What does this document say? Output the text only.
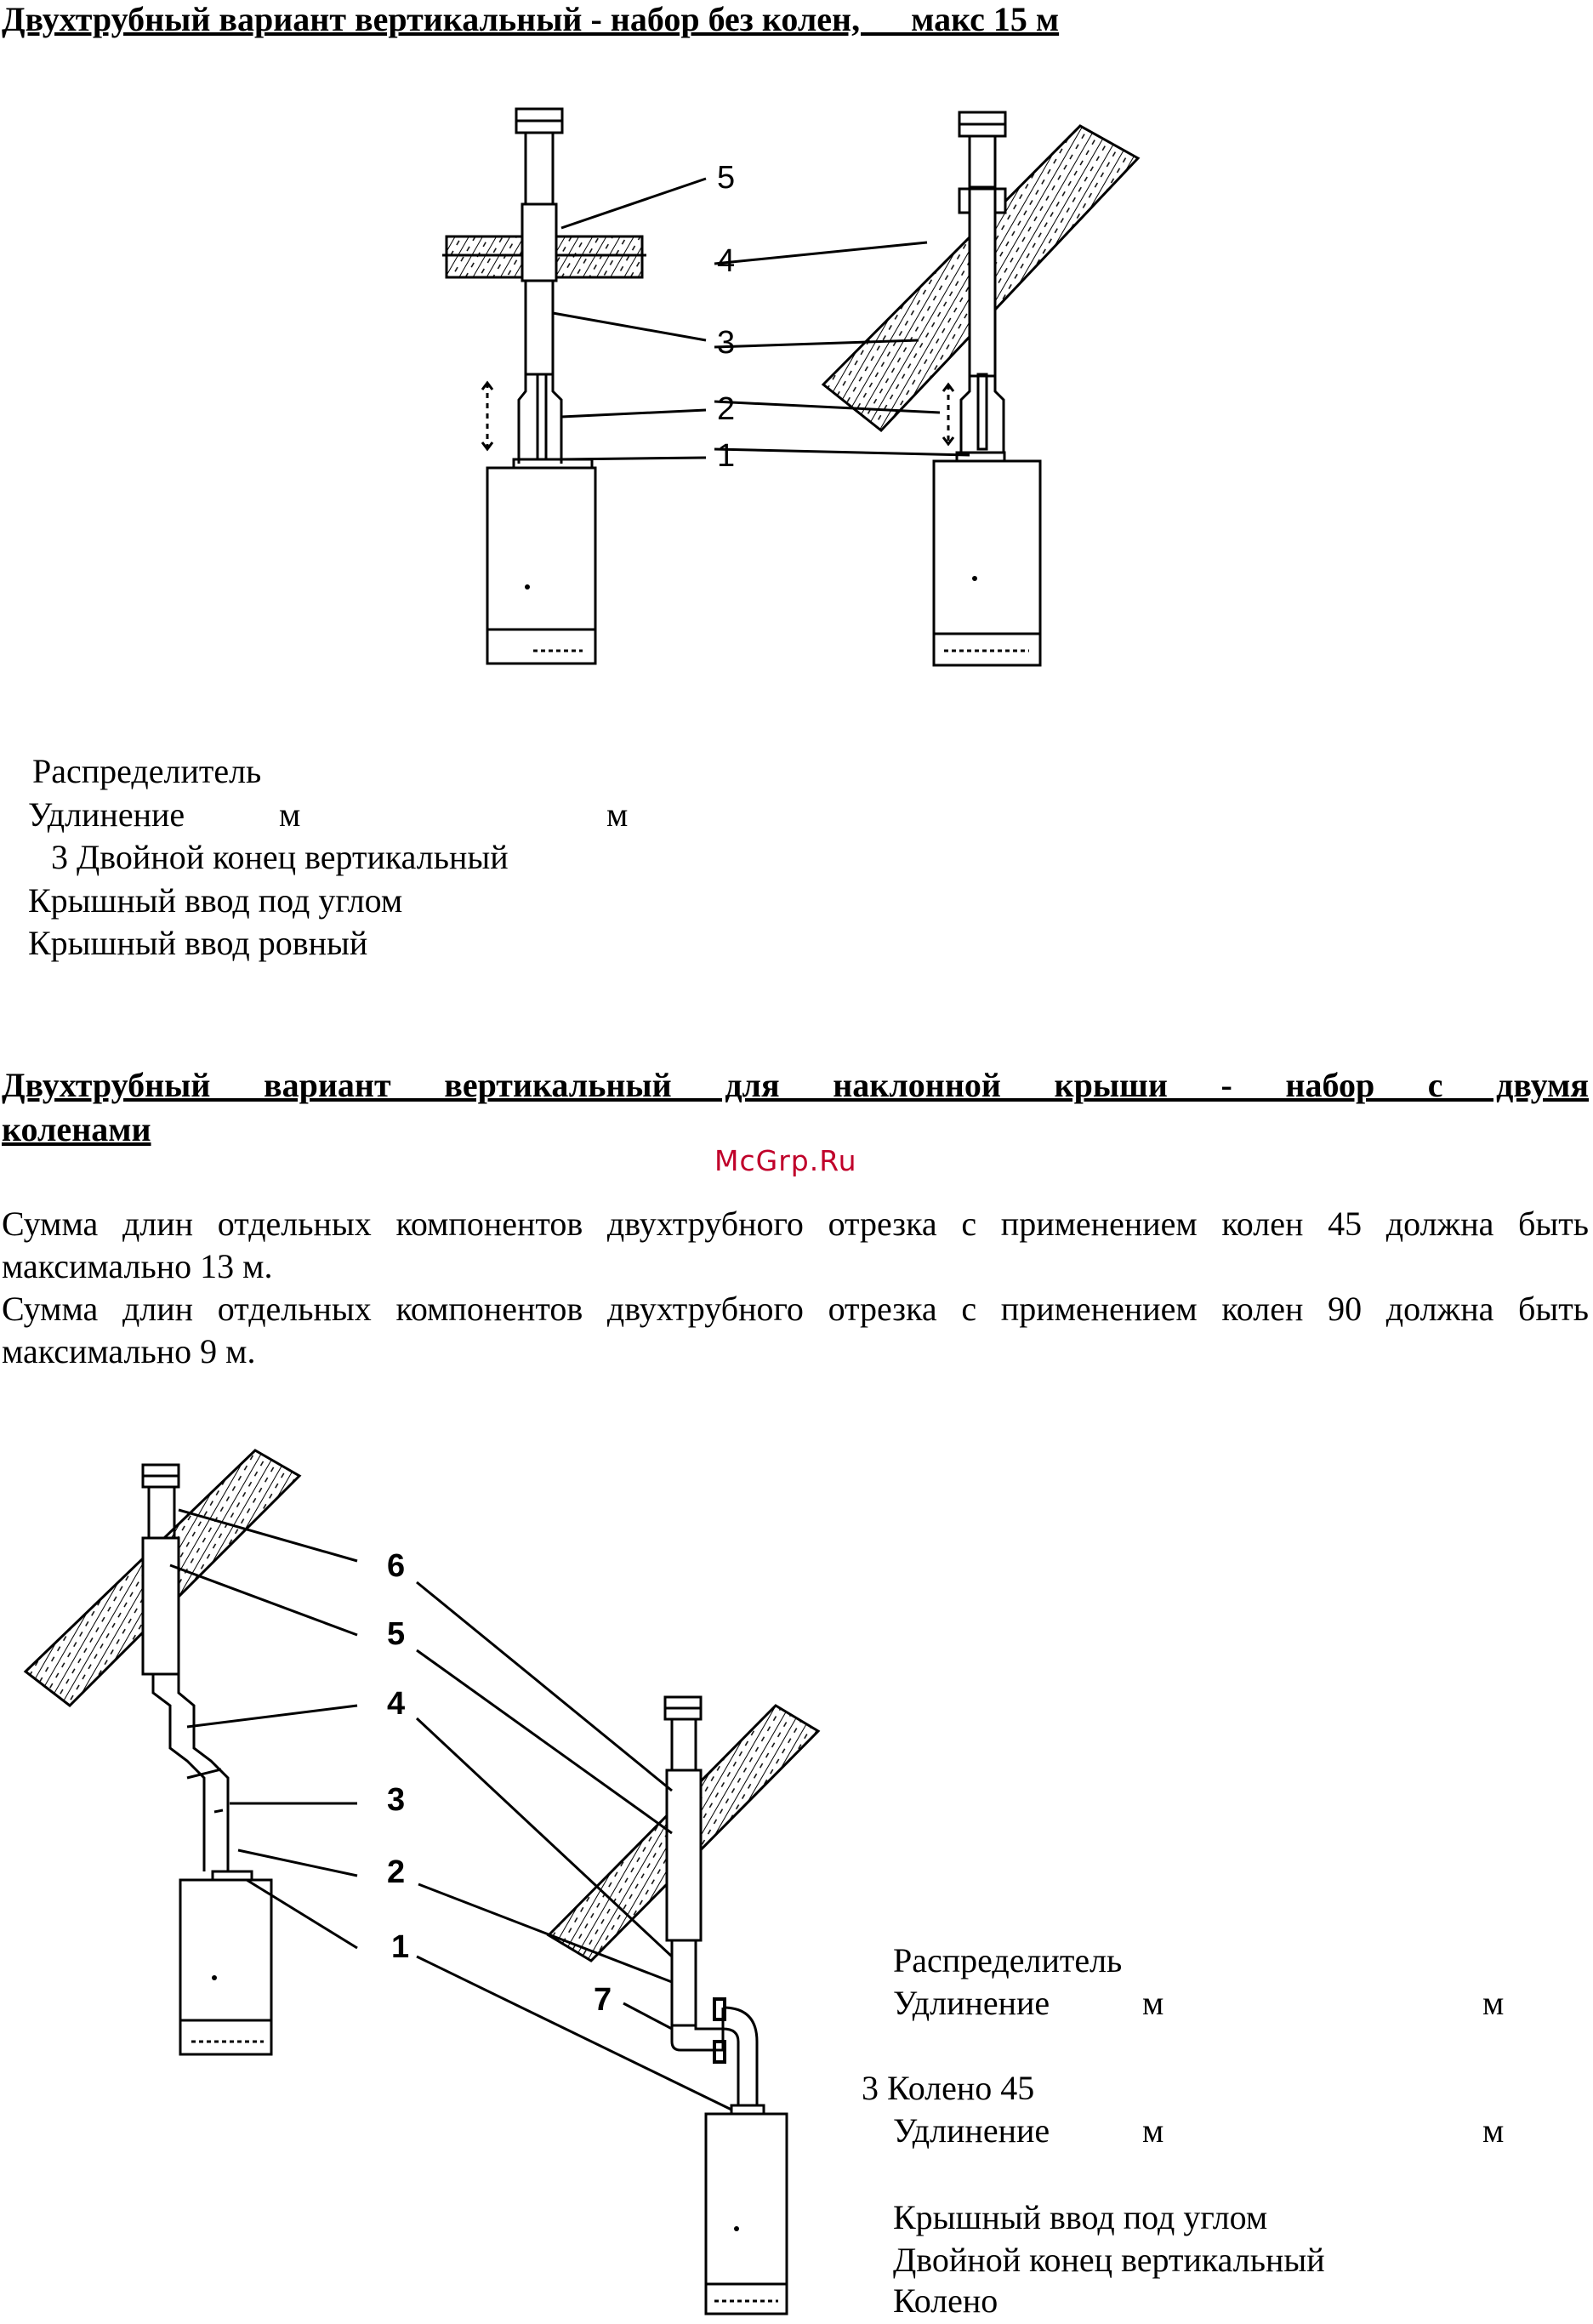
Двухтрубный вариант вертикальный - набор без колен,      макс 15 м
5
4
3
2
1
Распределитель
Удлинение	м	м
3 Двойной конец вертикальный
Крышный ввод под углом
Крышный ввод ровный
Двухтрубный вариант вертикальный для наклонной крыши - набор с двумя
коленами
McGrp.Ru
Сумма длин отдельных компонентов двухтрубного отрезка с применением колен 45 должна быть
максимально 13 м.
Сумма длин отдельных компонентов двухтрубного отрезка с применением колен 90 должна быть
максимально 9 м.
6
5
4
3
2
1
7
Распределитель
Удлинение	м	м
3 Колено 45
Удлинение	м	м
Крышный ввод под углом
Двойной конец вертикальный
Колено
